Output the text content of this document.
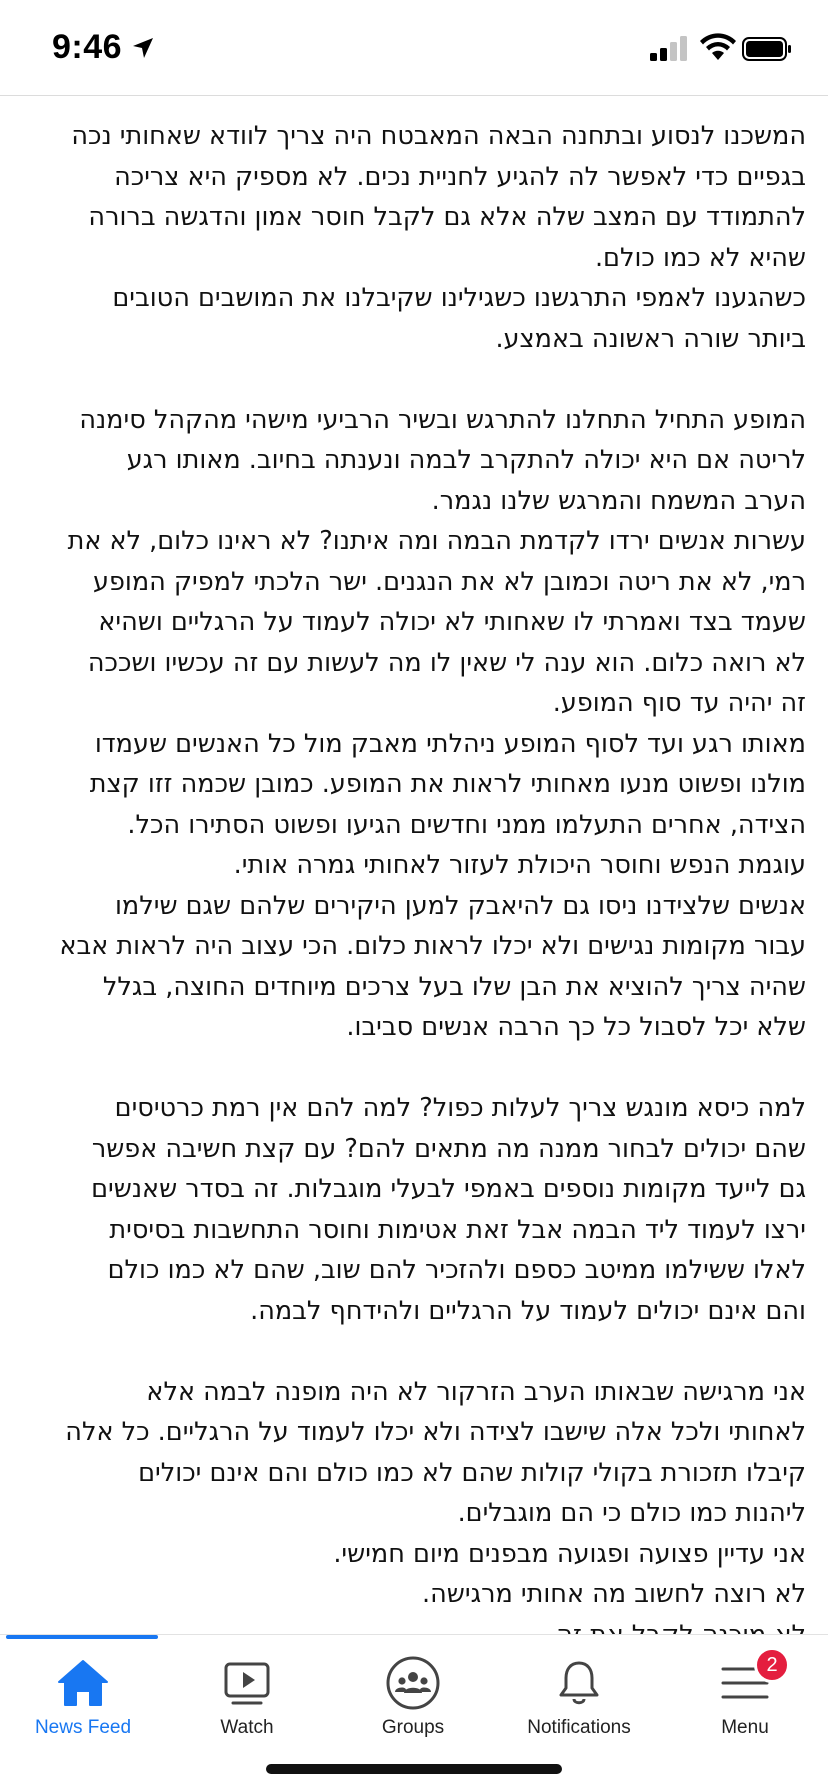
9:46
המשכנו לנסוע ובתחנה הבאה המאבטח היה צריך לוודא שאחותי נכה
בגפיים כדי לאפשר לה להגיע לחניית נכים. לא מספיק היא צריכה
להתמודד עם המצב שלה אלא גם לקבל חוסר אמון והדגשה ברורה
שהיא לא כמו כולם.
כשהגענו לאמפי התרגשנו כשגילינו שקיבלנו את המושבים הטובים
ביותר שורה ראשונה באמצע.
המופע התחיל התחלנו להתרגש ובשיר הרביעי מישהי מהקהל סימנה
לריטה אם היא יכולה להתקרב לבמה ונענתה בחיוב. מאותו רגע
הערב המשמח והמרגש שלנו נגמר.
עשרות אנשים ירדו לקדמת הבמה ומה איתנו? לא ראינו כלום, לא את
רמי, לא את ריטה וכמובן לא את הנגנים. ישר הלכתי למפיק המופע
שעמד בצד ואמרתי לו שאחותי לא יכולה לעמוד על הרגליים ושהיא
לא רואה כלום. הוא ענה לי שאין לו מה לעשות עם זה עכשיו ושככה
זה יהיה עד סוף המופע.
מאותו רגע ועד לסוף המופע ניהלתי מאבק מול כל האנשים שעמדו
מולנו ופשוט מנעו מאחותי לראות את המופע. כמובן שכמה זזו קצת
הצידה, אחרים התעלמו ממני וחדשים הגיעו ופשוט הסתירו הכל.
עוגמת הנפש וחוסר היכולת לעזור לאחותי גמרה אותי.
אנשים שלצידנו ניסו גם להיאבק למען היקירים שלהם שגם שילמו
עבור מקומות נגישים ולא יכלו לראות כלום. הכי עצוב היה לראות אבא
שהיה צריך להוציא את הבן שלו בעל צרכים מיוחדים החוצה, בגלל
שלא יכל לסבול כל כך הרבה אנשים סביבו.
למה כיסא מונגש צריך לעלות כפול? למה להם אין רמת כרטיסים
שהם יכולים לבחור ממנה מה מתאים להם? עם קצת חשיבה אפשר
גם לייעד מקומות נוספים באמפי לבעלי מוגבלות. זה בסדר שאנשים
ירצו לעמוד ליד הבמה אבל זאת אטימות וחוסר התחשבות בסיסית
לאלו ששילמו ממיטב כספם ולהזכיר להם שוב, שהם לא כמו כולם
והם אינם יכולים לעמוד על הרגליים ולהידחף לבמה.
אני מרגישה שבאותו הערב הזרקור לא היה מופנה לבמה אלא
לאחותי ולכל אלה שישבו לצידה ולא יכלו לעמוד על הרגליים. כל אלה
קיבלו תזכורת בקולי קולות שהם לא כמו כולם והם אינם יכולים
ליהנות כמו כולם כי הם מוגבלים.
אני עדיין פצועה ופגועה מבפנים מיום חמישי.
לא רוצה לחשוב מה אחותי מרגישה.
News Feed	Watch	Groups	Notifications
2
Menu
